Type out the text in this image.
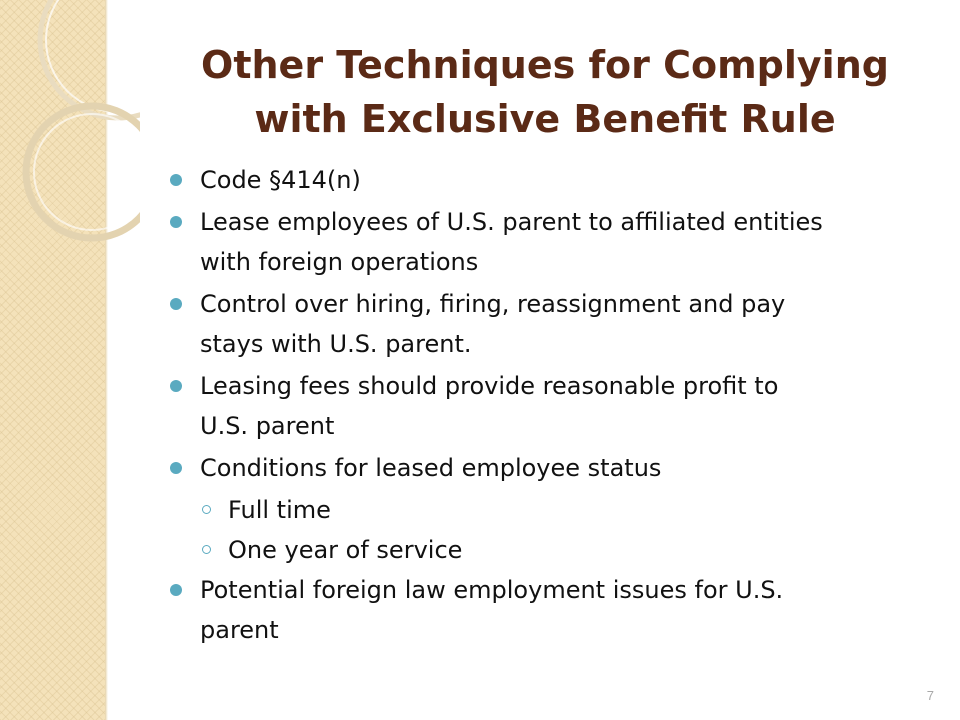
Other Techniques for Complying
with Exclusive Benefit Rule
Code §414(n)
Lease employees of U.S. parent to affiliated entities
with foreign operations
Control over hiring, firing, reassignment and pay
stays with U.S. parent.
Leasing fees should provide reasonable profit to
U.S. parent
Conditions for leased employee status
Full time
One year of service
Potential foreign law employment issues for U.S.
parent
7
